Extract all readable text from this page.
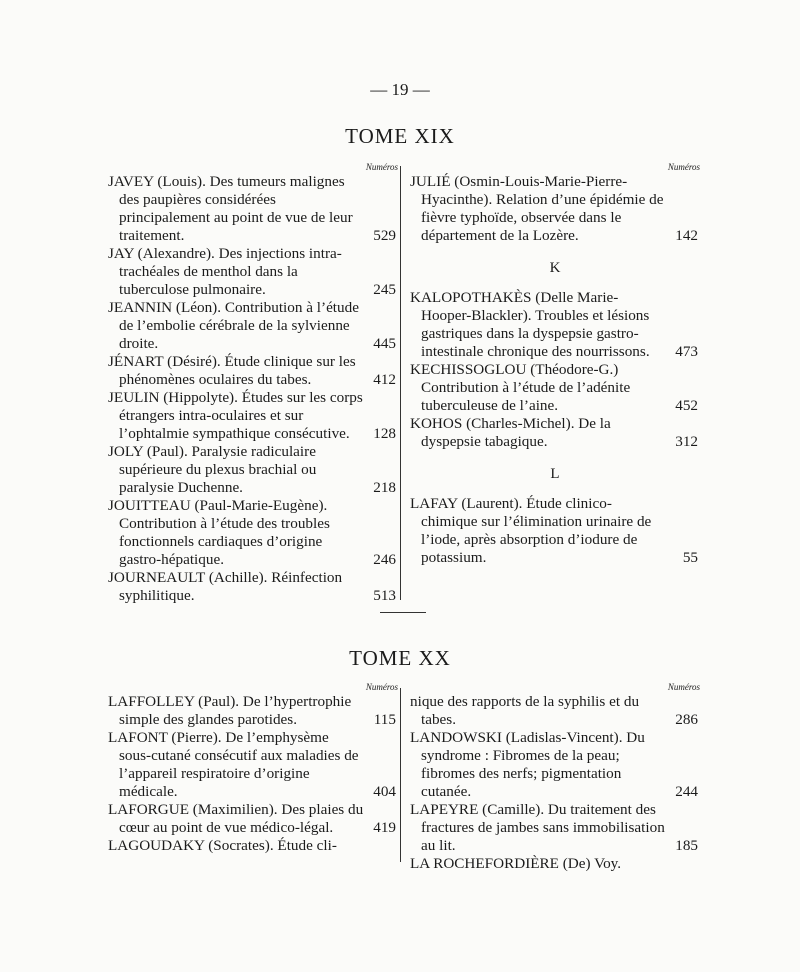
— 19 —
TOME XIX
Numéros
JAVEY (Louis). Des tumeurs malignes des paupières considérées principalement au point de vue de leur traitement.	529
JAY (Alexandre). Des injections intra-trachéales de menthol dans la tuberculose pulmonaire.	245
JEANNIN (Léon). Contribution à l’étude de l’embolie cérébrale de la sylvienne droite.	445
JÉNART (Désiré). Étude clinique sur les phénomènes oculaires du tabes.	412
JEULIN (Hippolyte). Études sur les corps étrangers intra-oculaires et sur l’ophtalmie sympathique consécutive. 128
JOLY (Paul). Paralysie radiculaire supérieure du plexus brachial ou paralysie Duchenne.	218
JOUITTEAU (Paul-Marie-Eugène). Contribution à l’étude des troubles fonctionnels cardiaques d’origine gastro-hépatique.	246
JOURNEAULT (Achille). Réinfection syphilitique.	513
Numéros
JULIÉ (Osmin-Louis-Marie-Pierre-Hyacinthe). Relation d’une épidémie de fièvre typhoïde, observée dans le département de la Lozère.	142
K
KALOPOTHAKÈS (Delle Marie-Hooper-Blackler). Troubles et lésions gastriques dans la dyspepsie gastro-intestinale chronique des nourrissons. 473
KECHISSOGLOU (Théodore-G.) Contribution à l’étude de l’adénite tuberculeuse de l’aine.	452
KOHOS (Charles-Michel). De la dyspepsie tabagique.	312
L
LAFAY (Laurent). Étude clinico-chimique sur l’élimination urinaire de l’iode, après absorption d’iodure de potassium.	55
TOME XX
Numéros
LAFFOLLEY (Paul). De l’hypertrophie simple des glandes parotides.	115
LAFONT (Pierre). De l’emphysème sous-cutané consécutif aux maladies de l’appareil respiratoire d’origine médicale.	404
LAFORGUE (Maximilien). Des plaies du cœur au point de vue médico-légal.	419
LAGOUDAKY (Socrates). Étude cli-
Numéros
nique des rapports de la syphilis et du tabes.	286
LANDOWSKI (Ladislas-Vincent). Du syndrome : Fibromes de la peau; fibromes des nerfs; pigmentation cutanée.	244
LAPEYRE (Camille). Du traitement des fractures de jambes sans immobilisation au lit.	185
LA ROCHEFORDIÈRE (De) Voy.
